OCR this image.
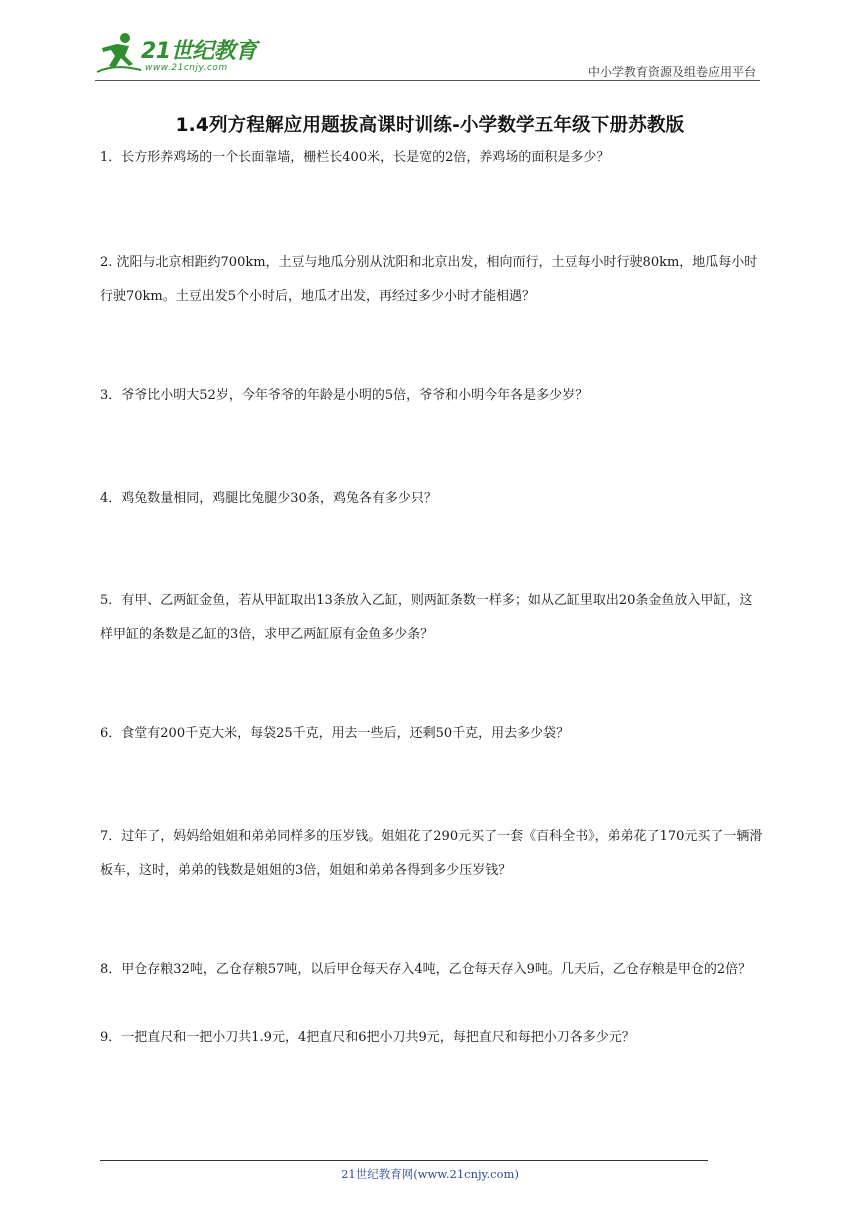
21世纪教育
www.21cnjy.com	中小学教育资源及组卷应用平台
1.4列方程解应用题拔高课时训练-小学数学五年级下册苏教版
1．长方形养鸡场的一个长面靠墙，栅栏长400米，长是宽的2倍，养鸡场的面积是多少？
2. 沈阳与北京相距约700km，土豆与地瓜分别从沈阳和北京出发，相向而行，土豆每小时行驶80km，地瓜每小时行驶70km。土豆出发5个小时后，地瓜才出发，再经过多少小时才能相遇？
3．爷爷比小明大52岁，今年爷爷的年龄是小明的5倍，爷爷和小明今年各是多少岁？
4．鸡兔数量相同，鸡腿比兔腿少30条，鸡兔各有多少只？
5．有甲、乙两缸金鱼，若从甲缸取出13条放入乙缸，则两缸条数一样多；如从乙缸里取出20条金鱼放入甲缸，这样甲缸的条数是乙缸的3倍，求甲乙两缸原有金鱼多少条？
6．食堂有200千克大米，每袋25千克，用去一些后，还剩50千克，用去多少袋？
7．过年了，妈妈给姐姐和弟弟同样多的压岁钱。姐姐花了290元买了一套《百科全书》，弟弟花了170元买了一辆滑板车，这时，弟弟的钱数是姐姐的3倍，姐姐和弟弟各得到多少压岁钱？
8．甲仓存粮32吨，乙仓存粮57吨，以后甲仓每天存入4吨，乙仓每天存入9吨。几天后，乙仓存粮是甲仓的2倍？
9．一把直尺和一把小刀共1.9元，4把直尺和6把小刀共9元，每把直尺和每把小刀各多少元？
21世纪教育网(www.21cnjy.com)
